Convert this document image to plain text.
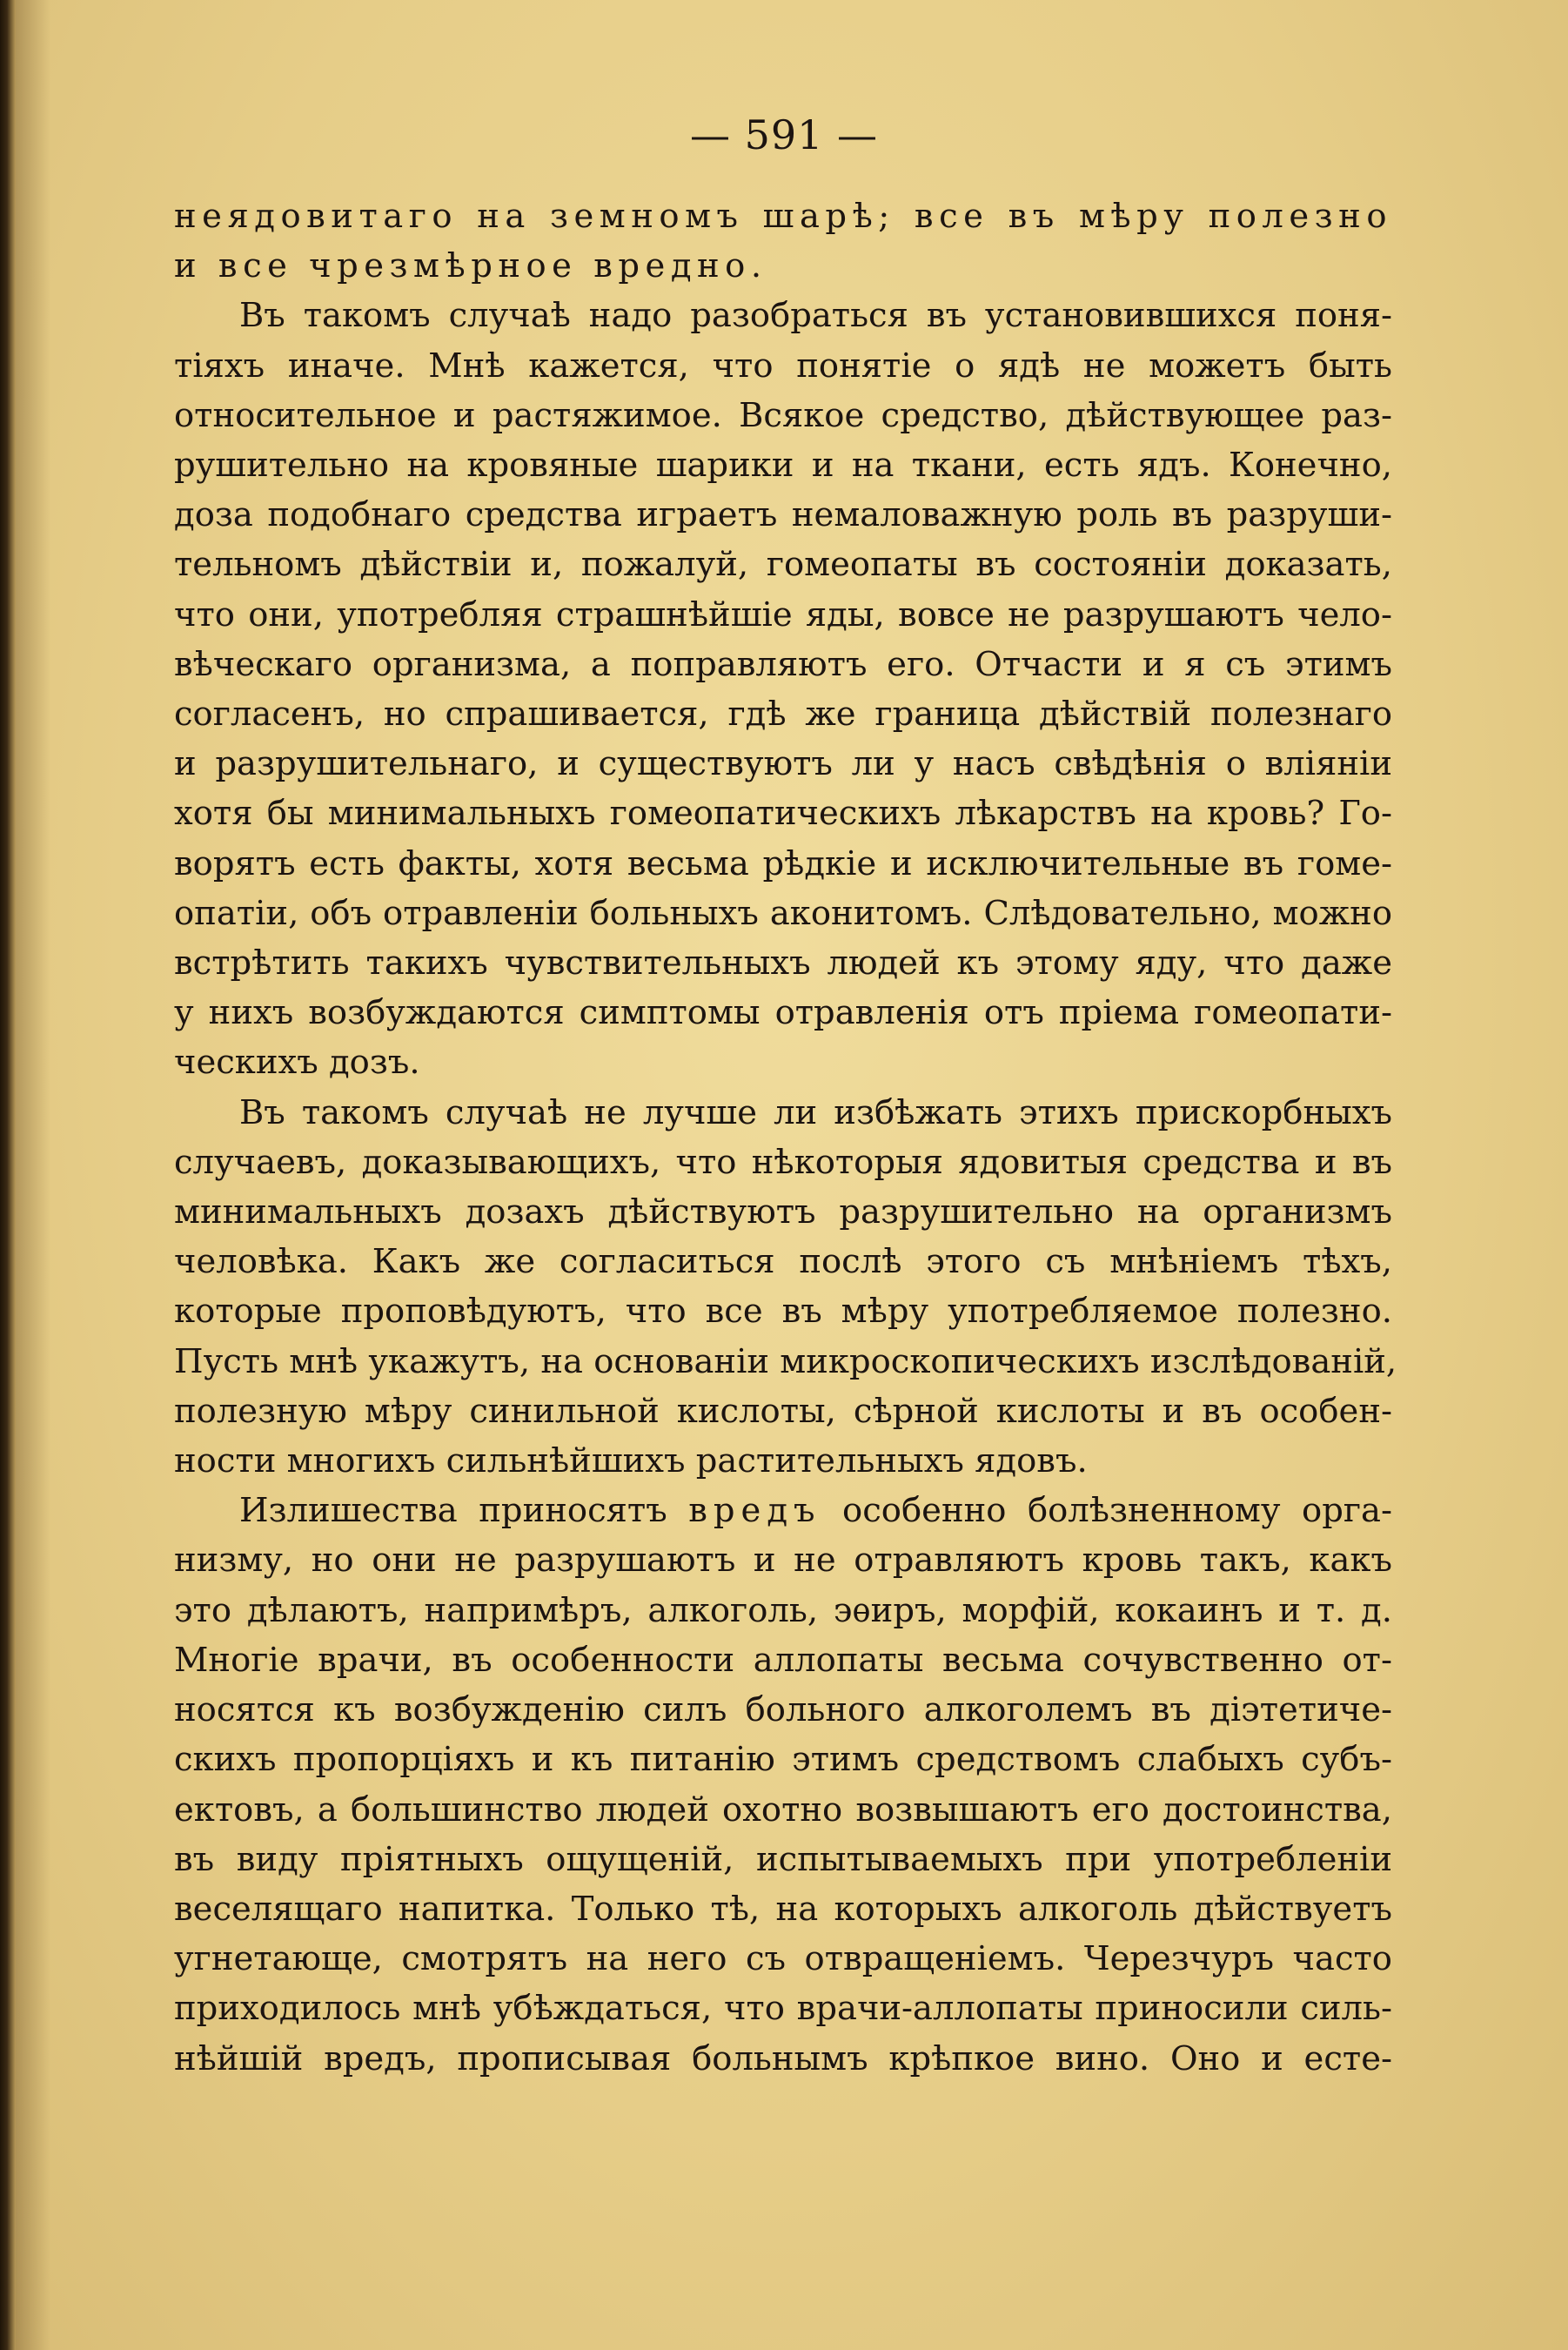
— 591 —
неядовитаго на земномъ шарѣ; все въ мѣру полезно
и все чрезмѣрное вредно.
Въ такомъ случаѣ надо разобраться въ установившихся поня-
тіяхъ иначе. Мнѣ кажется, что понятіе о ядѣ не можетъ быть
относительное и растяжимое. Всякое средство, дѣйствующее раз-
рушительно на кровяные шарики и на ткани, есть ядъ. Конечно,
доза подобнаго средства играетъ немаловажную роль въ разруши-
тельномъ дѣйствіи и, пожалуй, гомеопаты въ состояніи доказать,
что они, употребляя страшнѣйшіе яды, вовсе не разрушаютъ чело-
вѣческаго организма, а поправляютъ его. Отчасти и я съ этимъ
согласенъ, но спрашивается, гдѣ же граница дѣйствій полезнаго
и разрушительнаго, и существуютъ ли у насъ свѣдѣнія о вліяніи
хотя бы минимальныхъ гомеопатическихъ лѣкарствъ на кровь? Го-
ворятъ есть факты, хотя весьма рѣдкіе и исключительные въ гоме-
опатіи, объ отравленіи больныхъ аконитомъ. Слѣдовательно, можно
встрѣтить такихъ чувствительныхъ людей къ этому яду, что даже
у нихъ возбуждаются симптомы отравленія отъ пріема гомеопати-
ческихъ дозъ.
Въ такомъ случаѣ не лучше ли избѣжать этихъ прискорбныхъ
случаевъ, доказывающихъ, что нѣкоторыя ядовитыя средства и въ
минимальныхъ дозахъ дѣйствуютъ разрушительно на организмъ
человѣка. Какъ же согласиться послѣ этого съ мнѣніемъ тѣхъ,
которые проповѣдуютъ, что все въ мѣру употребляемое полезно.
Пусть мнѣ укажутъ, на основаніи микроскопическихъ изслѣдованій,
полезную мѣру синильной кислоты, сѣрной кислоты и въ особен-
ности многихъ сильнѣйшихъ растительныхъ ядовъ.
Излишества приносятъ вредъ особенно болѣзненному орга-
низму, но они не разрушаютъ и не отравляютъ кровь такъ, какъ
это дѣлаютъ, напримѣръ, алкоголь, эѳиръ, морфій, кокаинъ и т. д.
Многіе врачи, въ особенности аллопаты весьма сочувственно от-
носятся къ возбужденію силъ больного алкоголемъ въ діэтетиче-
скихъ пропорціяхъ и къ питанію этимъ средствомъ слабыхъ субъ-
ектовъ, а большинство людей охотно возвышаютъ его достоинства,
въ виду пріятныхъ ощущеній, испытываемыхъ при употребленіи
веселящаго напитка. Только тѣ, на которыхъ алкоголь дѣйствуетъ
угнетающе, смотрятъ на него съ отвращеніемъ. Черезчуръ часто
приходилось мнѣ убѣждаться, что врачи-аллопаты приносили силь-
нѣйшій вредъ, прописывая больнымъ крѣпкое вино. Оно и есте-
